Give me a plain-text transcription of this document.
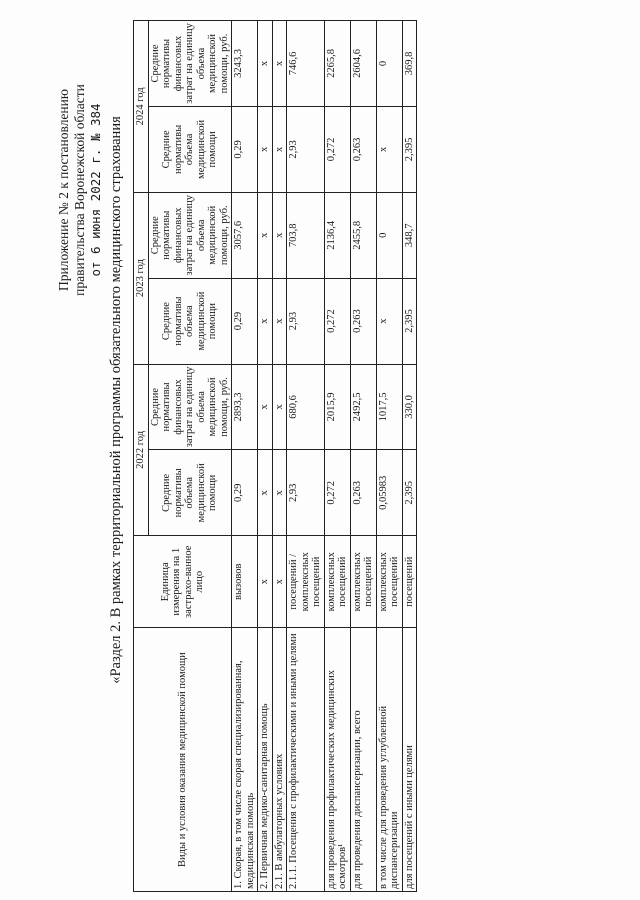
Приложение № 2 к постановлению правительства Воронежской области от 6 июня 2022 г. № 384 «Раздел 2. В рамках территориальной программы обязательного медицинского страхования
Виды и условия оказания медицинской помощи	Единица измерения на 1 застрахо-ванное лицо	2022 год		2023 год		2024 год	
		Средние нормативы объема медицинской помощи	Средние нормативы финансовых затрат на единицу объема медицинской помощи, руб.	Средние нормативы объема медицинской помощи	Средние нормативы финансовых затрат на единицу объема медицинской помощи, руб.	Средние нормативы объема медицинской помощи	Средние нормативы финансовых затрат на единицу объема медицинской помощи, руб.
1. Скорая, в том числе скорая специализированная, медицинская помощь	вызовов	0,29	2893,3	0,29	3057,6	0,29	3243,3
2. Первичная медико-санитарная помощь	х	х	х	х	х	х	х
2.1. В амбулаторных условиях	х	х	х	х	х	х	х
2.1.1. Посещения с профилактическими и иными целями	посещений / комплексных посещений	2,93	680,6	2,93	703,8	2,93	746,6
для проведения профилактических медицинских осмотров¹	комплексных посещений	0,272	2015,9	0,272	2136,4	0,272	2265,8
для проведения диспансеризации, всего	комплексных посещений	0,263	2492,5	0,263	2455,8	0,263	2604,6
в том числе для проведения углубленной диспансеризации	комплексных посещений	0,05983	1017,5	х	0	х	0
для посещений с иными целями	посещений	2,395	330,0	2,395	348,7	2,395	369,8
